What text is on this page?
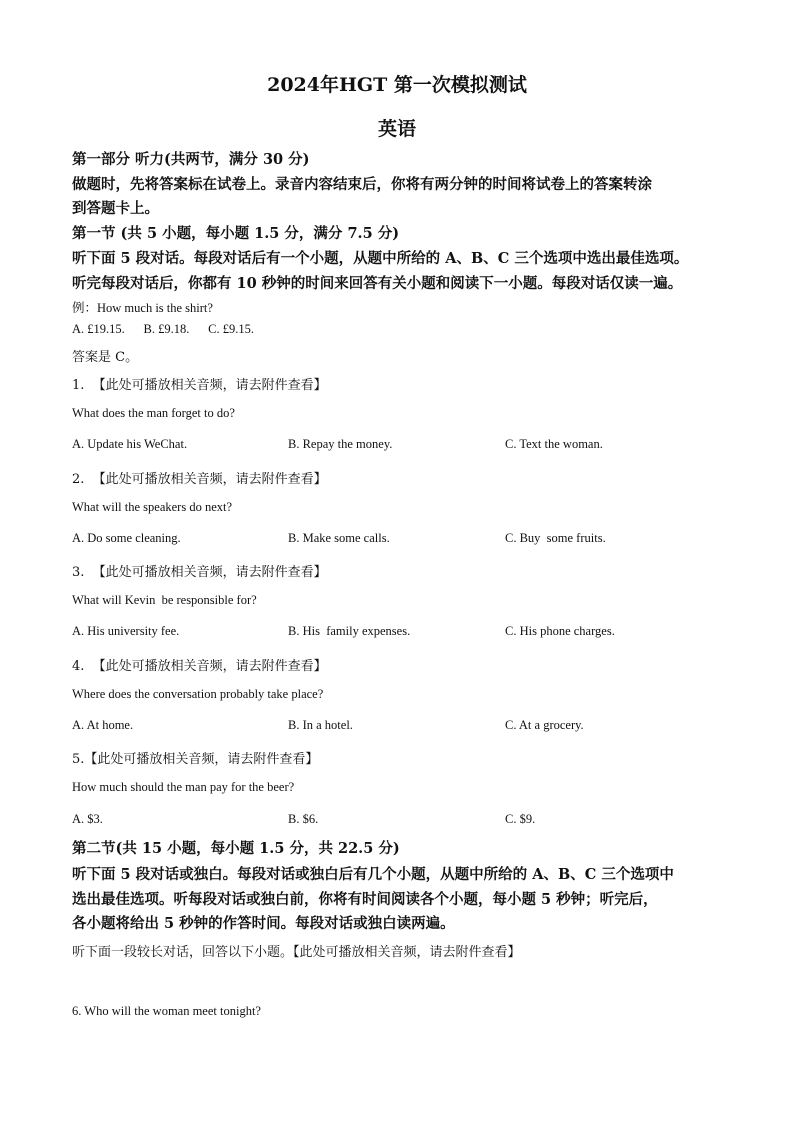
2024年HGT 第一次模拟测试
英语
第一部分 听力(共两节，满分 30 分)
做题时，先将答案标在试卷上。录音内容结束后，你将有两分钟的时间将试卷上的答案转涂
到答题卡上。
第一节 (共 5 小题，每小题 1.5 分，满分 7.5 分)
听下面 5 段对话。每段对话后有一个小题，从题中所给的 A、B、C 三个选项中选出最佳选项。
听完每段对话后，你都有 10 秒钟的时间来回答有关小题和阅读下一小题。每段对话仅读一遍。
例：How much is the shirt?
A. £19.15.      B. £9.18.      C. £9.15.
答案是 C。
1.  【此处可播放相关音频，请去附件查看】
What does the man forget to do?
A. Update his WeChat.	B. Repay the money.	C. Text the woman.
2.  【此处可播放相关音频，请去附件查看】
What will the speakers do next?
A. Do some cleaning.	B. Make some calls.	C. Buy  some fruits.
3.  【此处可播放相关音频，请去附件查看】
What will Kevin  be responsible for?
A. His university fee.	B. His  family expenses.	C. His phone charges.
4.  【此处可播放相关音频，请去附件查看】
Where does the conversation probably take place?
A. At home.	B. In a hotel.	C. At a grocery.
5.【此处可播放相关音频，请去附件查看】
How much should the man pay for the beer?
A. $3.	B. $6.	C. $9.
第二节(共 15 小题，每小题 1.5 分，共 22.5 分)
听下面 5 段对话或独白。每段对话或独白后有几个小题，从题中所给的 A、B、C 三个选项中
选出最佳选项。听每段对话或独白前，你将有时间阅读各个小题，每小题 5 秒钟；听完后，
各小题将给出 5 秒钟的作答时间。每段对话或独白读两遍。
听下面一段较长对话，回答以下小题。【此处可播放相关音频，请去附件查看】
6. Who will the woman meet tonight?
